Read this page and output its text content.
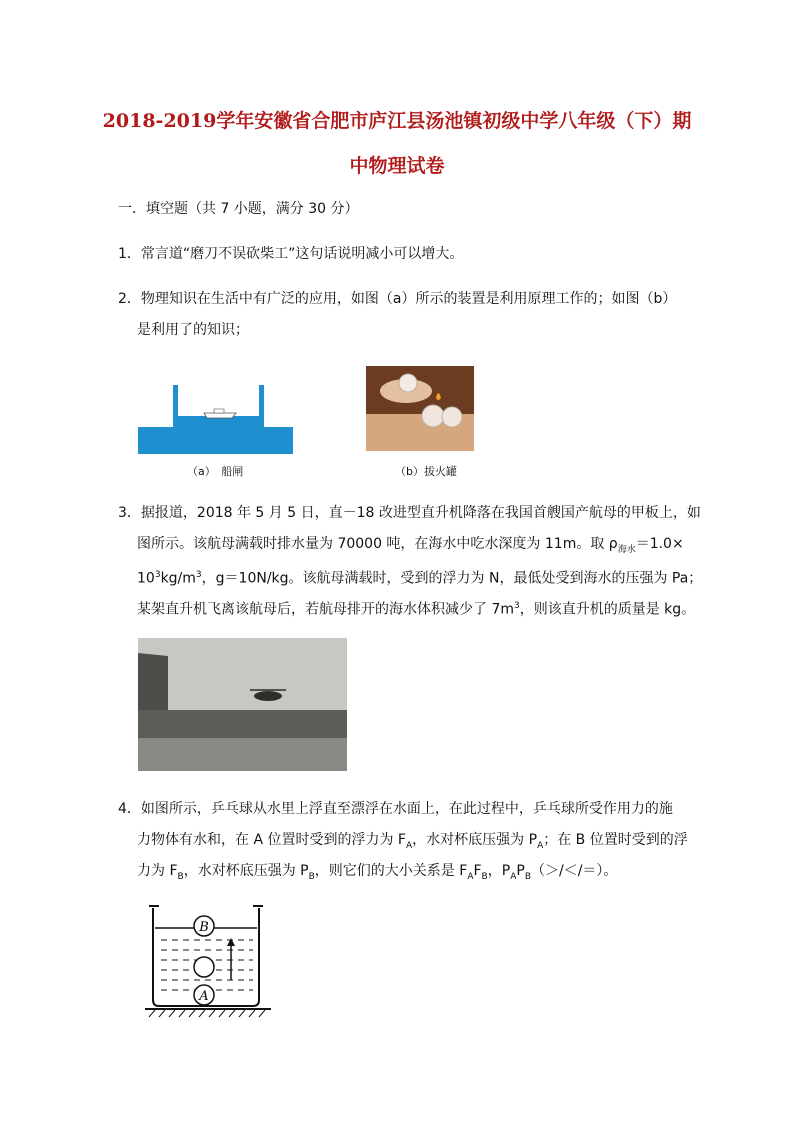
2018-2019学年安徽省合肥市庐江县汤池镇初级中学八年级（下）期
中物理试卷
一．填空题（共 7 小题，满分 30 分）
1．常言道“磨刀不误砍柴工”这句话说明减小可以增大。
2．物理知识在生活中有广泛的应用，如图（a）所示的装置是利用原理工作的；如图（b）
是利用了的知识；
（a）　船闸	（b）拔火罐
3．据报道，2018 年 5 月 5 日，直－18 改进型直升机降落在我国首艘国产航母的甲板上，如
图所示。该航母满载时排水量为 70000 吨，在海水中吃水深度为 11m。取 $\rho_{海水}=1.0\times$
$10^3kg/m^3$，g＝10N/kg。该航母满载时，受到的浮力为 N，最低处受到海水的压强为 Pa；
某架直升机飞离该航母后，若航母排开的海水体积减少了 $7m^3$，则该直升机的质量是 kg。
4．如图所示，乒乓球从水里上浮直至漂浮在水面上，在此过程中，乒乓球所受作用力的施
力物体有水和，在 A 位置时受到的浮力为 $F_A$，水对杯底压强为 $P_A$；在 B 位置时受到的浮
力为 $F_B$，水对杯底压强为 $P_B$，则它们的大小关系是 $F_AF_B$，$P_AP_B(>/</=)$。
B
A
